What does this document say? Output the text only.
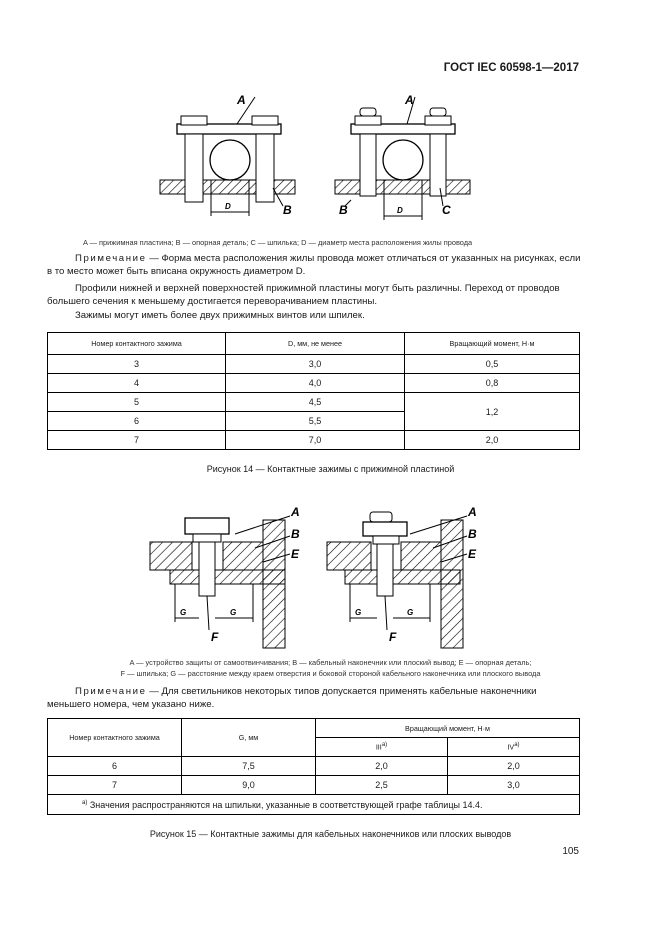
ГОСТ IEC 60598-1—2017
A
D	B
A
B	D	C
A — прижимная пластина; B — опорная деталь; C — шпилька; D — диаметр места расположения жилы провода
Примечание — Форма места расположения жилы провода может отличаться от указанных на рисунках, если в то место может быть вписана окружность диаметром D.
Профили нижней и верхней поверхностей прижимной пластины могут быть различны. Переход от проводов большего сечения к меньшему достигается переворачиванием пластины.
Зажимы могут иметь более двух прижимных винтов или шпилек.
Номер контактного зажима	D, мм, не менее	Вращающий момент, Н·м
3	3,0	0,5
4	4,0	0,8
5	4,5	1,2
6	5,5	
7	7,0	2,0
Рисунок 14 — Контактные зажимы с прижимной пластиной
A
B
E
G	G
F
A
B
E
G	G
F
A — устройство защиты от самоотвинчивания; B — кабельный наконечник или плоский вывод; E — опорная деталь;
F — шпилька; G — расстояние между краем отверстия и боковой стороной кабельного наконечника или плоского вывода
Примечание — Для светильников некоторых типов допускается применять кабельные наконечники меньшего номера, чем указано ниже.
Номер контактного зажима	G, мм	Вращающий момент, Н·м	
		III$^{a)}$	IV$^{a)}$
6	7,5	2,0	2,0
7	9,0	2,5	3,0
$^{a)}$ Значения распространяются на шпильки, указанные в соответствующей графе таблицы 14.4.			
Рисунок 15 — Контактные зажимы для кабельных наконечников или плоских выводов
105
